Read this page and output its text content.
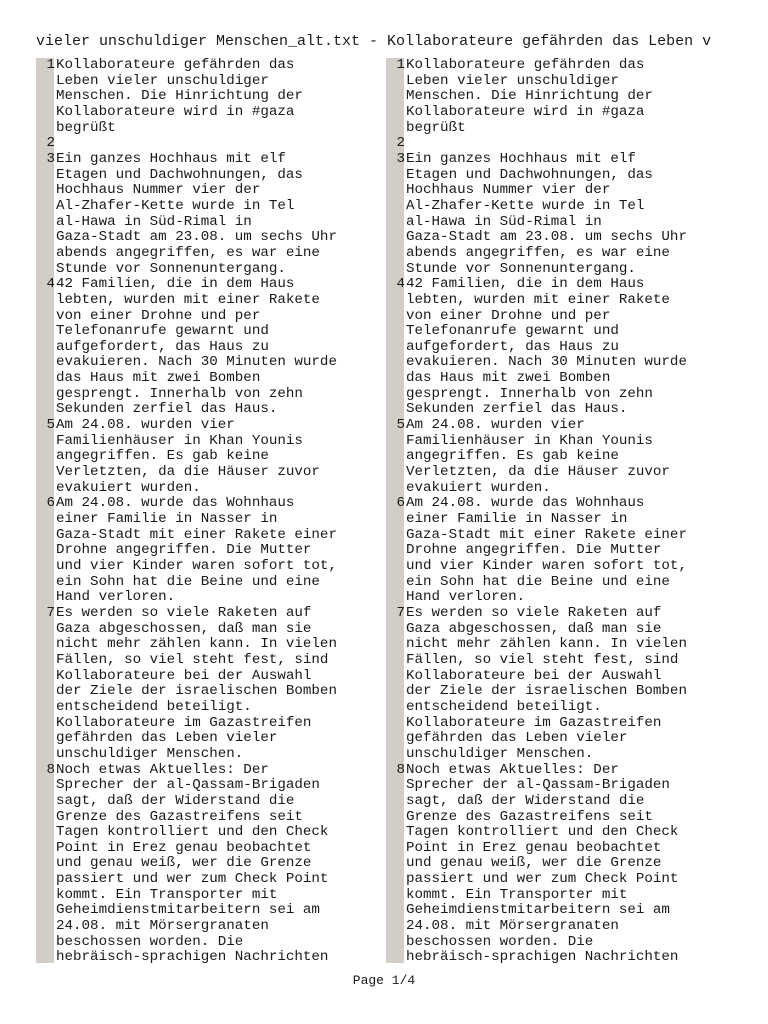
vieler unschuldiger Menschen_alt.txt - Kollaborateure gefährden das Leben v
1 Kollaborateure gefährden das
Leben vieler unschuldiger
Menschen. Die Hinrichtung der
Kollaborateure wird in #gaza
begrüßt
2
3 Ein ganzes Hochhaus mit elf
Etagen und Dachwohnungen, das
Hochhaus Nummer vier der
Al-Zhafer-Kette wurde in Tel
al-Hawa in Süd-Rimal in
Gaza-Stadt am 23.08. um sechs Uhr
abends angegriffen, es war eine
Stunde vor Sonnenuntergang.
4 42 Familien, die in dem Haus
lebten, wurden mit einer Rakete
von einer Drohne und per
Telefonanrufe gewarnt und
aufgefordert, das Haus zu
evakuieren. Nach 30 Minuten wurde
das Haus mit zwei Bomben
gesprengt. Innerhalb von zehn
Sekunden zerfiel das Haus.
5 Am 24.08. wurden vier
Familienhäuser in Khan Younis
angegriffen. Es gab keine
Verletzten, da die Häuser zuvor
evakuiert wurden.
6 Am 24.08. wurde das Wohnhaus
einer Familie in Nasser in
Gaza-Stadt mit einer Rakete einer
Drohne angegriffen. Die Mutter
und vier Kinder waren sofort tot,
ein Sohn hat die Beine und eine
Hand verloren.
7 Es werden so viele Raketen auf
Gaza abgeschossen, daß man sie
nicht mehr zählen kann. In vielen
Fällen, so viel steht fest, sind
Kollaborateure bei der Auswahl
der Ziele der israelischen Bomben
entscheidend beteiligt.
Kollaborateure im Gazastreifen
gefährden das Leben vieler
unschuldiger Menschen.
8 Noch etwas Aktuelles: Der
Sprecher der al-Qassam-Brigaden
sagt, daß der Widerstand die
Grenze des Gazastreifens seit
Tagen kontrolliert und den Check
Point in Erez genau beobachtet
und genau weiß, wer die Grenze
passiert und wer zum Check Point
kommt. Ein Transporter mit
Geheimdienstmitarbeitern sei am
24.08. mit Mörsergranaten
beschossen worden. Die
hebräisch-sprachigen Nachrichten
1 Kollaborateure gefährden das
Leben vieler unschuldiger
Menschen. Die Hinrichtung der
Kollaborateure wird in #gaza
begrüßt
2
3 Ein ganzes Hochhaus mit elf
Etagen und Dachwohnungen, das
Hochhaus Nummer vier der
Al-Zhafer-Kette wurde in Tel
al-Hawa in Süd-Rimal in
Gaza-Stadt am 23.08. um sechs Uhr
abends angegriffen, es war eine
Stunde vor Sonnenuntergang.
4 42 Familien, die in dem Haus
lebten, wurden mit einer Rakete
von einer Drohne und per
Telefonanrufe gewarnt und
aufgefordert, das Haus zu
evakuieren. Nach 30 Minuten wurde
das Haus mit zwei Bomben
gesprengt. Innerhalb von zehn
Sekunden zerfiel das Haus.
5 Am 24.08. wurden vier
Familienhäuser in Khan Younis
angegriffen. Es gab keine
Verletzten, da die Häuser zuvor
evakuiert wurden.
6 Am 24.08. wurde das Wohnhaus
einer Familie in Nasser in
Gaza-Stadt mit einer Rakete einer
Drohne angegriffen. Die Mutter
und vier Kinder waren sofort tot,
ein Sohn hat die Beine und eine
Hand verloren.
7 Es werden so viele Raketen auf
Gaza abgeschossen, daß man sie
nicht mehr zählen kann. In vielen
Fällen, so viel steht fest, sind
Kollaborateure bei der Auswahl
der Ziele der israelischen Bomben
entscheidend beteiligt.
Kollaborateure im Gazastreifen
gefährden das Leben vieler
unschuldiger Menschen.
8 Noch etwas Aktuelles: Der
Sprecher der al-Qassam-Brigaden
sagt, daß der Widerstand die
Grenze des Gazastreifens seit
Tagen kontrolliert und den Check
Point in Erez genau beobachtet
und genau weiß, wer die Grenze
passiert und wer zum Check Point
kommt. Ein Transporter mit
Geheimdienstmitarbeitern sei am
24.08. mit Mörsergranaten
beschossen worden. Die
hebräisch-sprachigen Nachrichten
Page 1/4
